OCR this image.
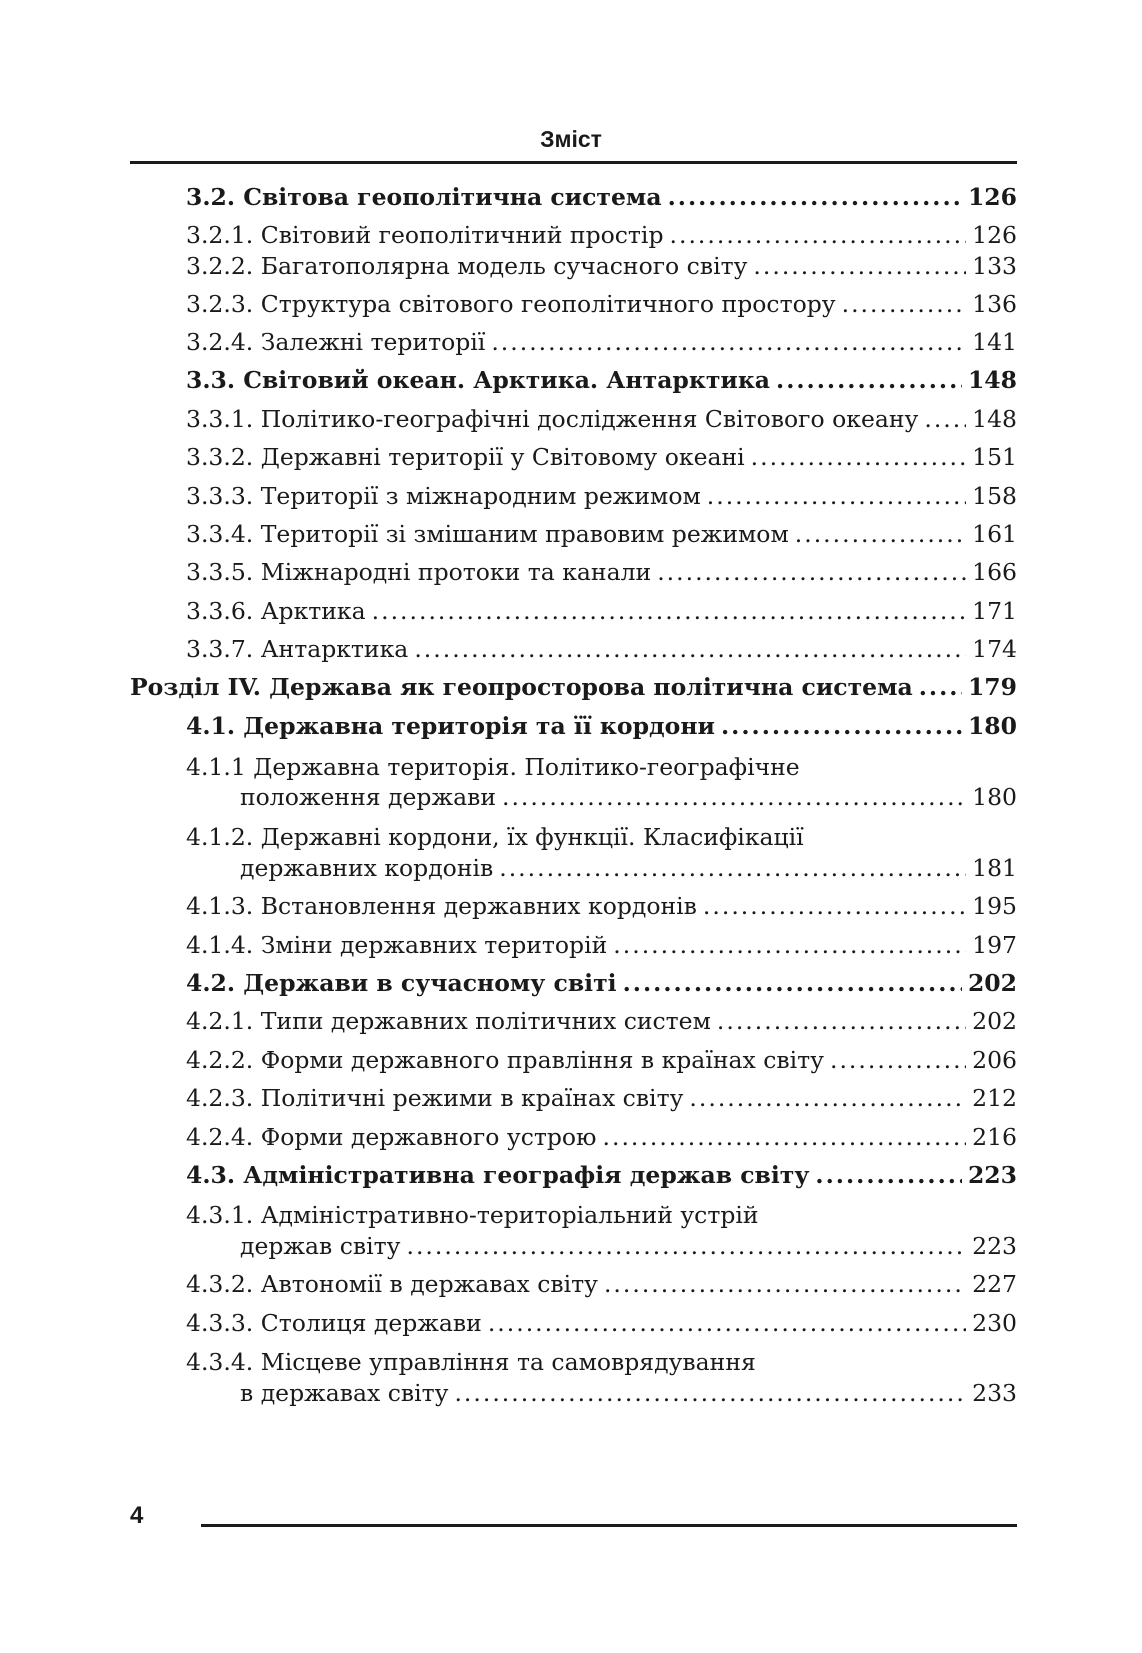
Зміст
3.2. Світова геополітична система .....	126
3.2.1. Світовий геополітичний простір .....	126
3.2.2. Багатополярна модель сучасного світу .....	133
3.2.3. Структура світового геополітичного простору .....	136
3.2.4. Залежні території .....	141
3.3. Світовий океан. Арктика. Антарктика .....	148
3.3.1. Політико-географічні дослідження Світового океану ..... 148
3.3.2. Державні території у Світовому океані .....	151
3.3.3. Території з міжнародним режимом .....	158
3.3.4. Території зі змішаним правовим режимом .....	161
3.3.5. Міжнародні протоки та канали .....	166
3.3.6. Арктика .....	171
3.3.7. Антарктика .....	174
Розділ IV. Держава як геопросторова політична система ..... 179
4.1. Державна територія та її кордони .....	180
4.1.1 Державна територія. Політико-географічне
положення держави .....	180
4.1.2. Державні кордони, їх функції. Класифікації
державних кордонів .....	181
4.1.3. Встановлення державних кордонів .....	195
4.1.4. Зміни державних територій .....	197
4.2. Держави в сучасному світі .....	202
4.2.1. Типи державних політичних систем .....	202
4.2.2. Форми державного правління в країнах світу .....	206
4.2.3. Політичні режими в країнах світу .....	212
4.2.4. Форми державного устрою .....	216
4.3. Адміністративна географія держав світу .....	223
4.3.1. Адміністративно-територіальний устрій
держав світу .....	223
4.3.2. Автономії в державах світу .....	227
4.3.3. Столиця держави .....	230
4.3.4. Місцеве управління та самоврядування
в державах світу .....	233
4
